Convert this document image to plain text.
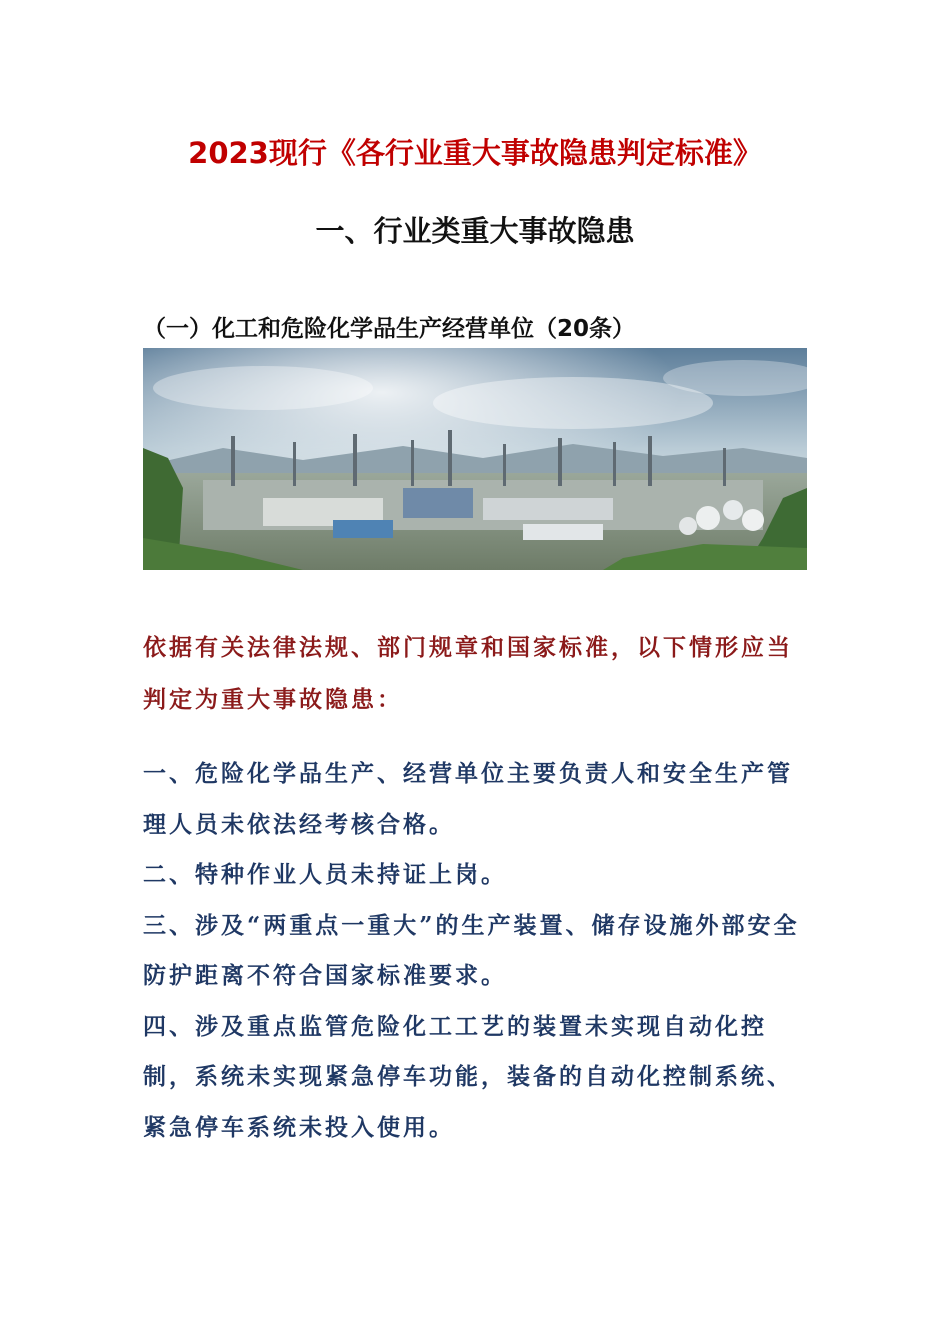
2023现行《各行业重大事故隐患判定标准》
一、行业类重大事故隐患
（一）化工和危险化学品生产经营单位（20条）

依据有关法律法规、部门规章和国家标准，以下情形应当判定为重大事故隐患：

一、危险化学品生产、经营单位主要负责人和安全生产管理人员未依法经考核合格。

二、特种作业人员未持证上岗。

三、涉及“两重点一重大”的生产装置、储存设施外部安全防护距离不符合国家标准要求。

四、涉及重点监管危险化工工艺的装置未实现自动化控制，系统未实现紧急停车功能，装备的自动化控制系统、紧急停车系统未投入使用。
